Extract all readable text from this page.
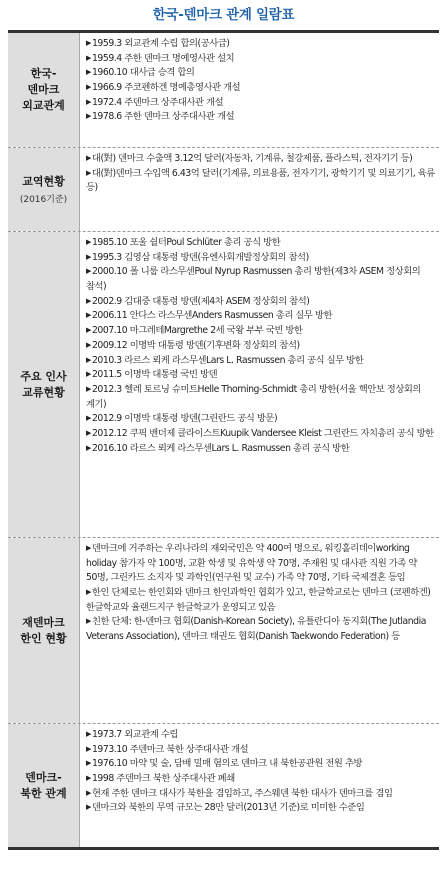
한국-덴마크 관계 일람표
한국-
덴마크
외교관계
▶1959.3 외교관계 수립 합의(공사급)
▶1959.4 주한 덴마크 명예영사관 설치
▶1960.10 대사급 승격 합의
▶1966.9 주코펜하겐 명예총영사관 개설
▶1972.4 주덴마크 상주대사관 개설
▶1978.6 주한 덴마크 상주대사관 개설
교역현황
(2016기준)
▶대(對) 덴마크 수출액 3.12억 달러(자동차, 기계류, 철강제품, 플라스틱, 전자기기 등)
▶대(對)덴마크 수입액 6.43억 달러(기계류, 의료용품, 전자기기, 광학기기 및 의료기기, 육류 등)
주요 인사
교류현황
▶1985.10 포울 쉴터Poul Schlüter 총리 공식 방한
▶1995.3 김영삼 대통령 방덴(유엔사회개발정상회의 참석)
▶2000.10 폴 니룹 라스무센Poul Nyrup Rasmussen 총리 방한(제3차 ASEM 정상회의 참석)
▶2002.9 김대중 대통령 방덴(제4차 ASEM 정상회의 참석)
▶2006.11 안다스 라스무센Anders Rasmussen 총리 실무 방한
▶2007.10 마그레테Margrethe 2세 국왕 부부 국빈 방한
▶2009.12 이명박 대통령 방덴(기후변화 정상회의 참석)
▶2010.3 라르스 뢰케 라스무센Lars L. Rasmussen 총리 공식 실무 방한
▶2011.5 이명박 대통령 국빈 방덴
▶2012.3 헬레 토르닝 슈미트Helle Thorning-Schmidt 총리 방한(서울 핵안보 정상회의 계기)
▶2012.9 이명박 대통령 방덴(그린란드 공식 방문)
▶2012.12 쿠픽 밴더제 클라이스트Kuupik Vandersee Kleist 그린란드 자치총리 공식 방한
▶2016.10 라르스 뢰케 라스무센Lars L. Rasmussen 총리 공식 방한
재덴마크
한인 현황
▶덴마크에 거주하는 우리나라의 재외국민은 약 400여 명으로, 워킹홀리데이working holiday 참가자 약 100명, 교환 학생 및 유학생 약 70명, 주재원 및 대사관 직원 가족 약 50명, 그린카드 소지자 및 과학인(연구원 및 교수) 가족 약 70명, 기타 국제결혼 등임
▶한인 단체로는 한인회와 덴마크 한인과학인 협회가 있고, 한글학교로는 덴마크 (코펜하겐) 한글학교와 율랜드지구 한글학교가 운영되고 있음
▶친한 단체: 한-덴마크 협회(Danish-Korean Society), 유틀란디아 동지회(The Jutlandia Veterans Association), 덴마크 태권도 협회(Danish Taekwondo Federation) 등
덴마크-
북한 관계
▶1973.7 외교관계 수립
▶1973.10 주덴마크 북한 상주대사관 개설
▶1976.10 마약 및 술, 담배 밀매 혐의로 덴마크 내 북한공관원 전원 추방
▶1998 주덴마크 북한 상주대사관 폐쇄
▶현재 주한 덴마크 대사가 북한을 겸임하고, 주스웨덴 북한 대사가 덴마크를 겸임
▶덴마크와 북한의 무역 규모는 28만 달러(2013년 기준)로 미미한 수준임
